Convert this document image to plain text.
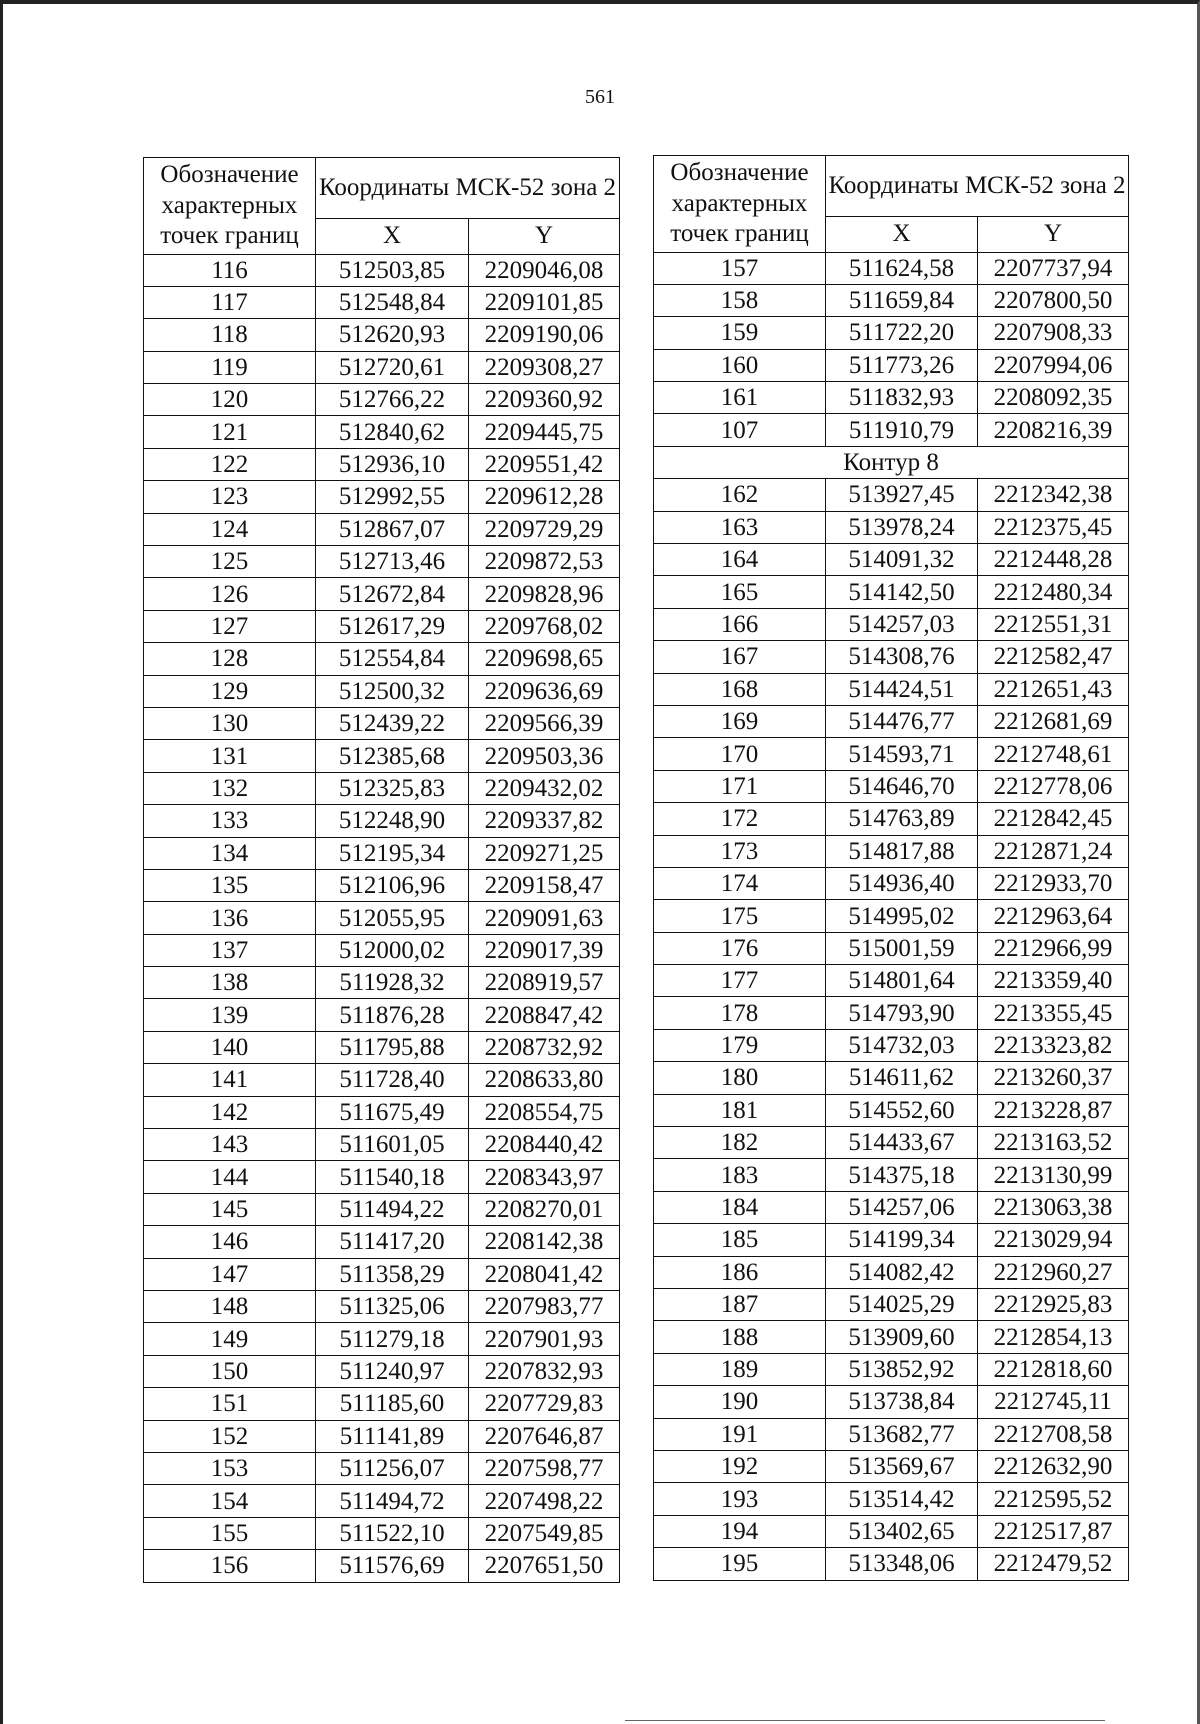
561
Обозначение характерных точек границ	Координаты МСК-52 зона 2	
	X	Y
116	512503,85	2209046,08
117	512548,84	2209101,85
118	512620,93	2209190,06
119	512720,61	2209308,27
120	512766,22	2209360,92
121	512840,62	2209445,75
122	512936,10	2209551,42
123	512992,55	2209612,28
124	512867,07	2209729,29
125	512713,46	2209872,53
126	512672,84	2209828,96
127	512617,29	2209768,02
128	512554,84	2209698,65
129	512500,32	2209636,69
130	512439,22	2209566,39
131	512385,68	2209503,36
132	512325,83	2209432,02
133	512248,90	2209337,82
134	512195,34	2209271,25
135	512106,96	2209158,47
136	512055,95	2209091,63
137	512000,02	2209017,39
138	511928,32	2208919,57
139	511876,28	2208847,42
140	511795,88	2208732,92
141	511728,40	2208633,80
142	511675,49	2208554,75
143	511601,05	2208440,42
144	511540,18	2208343,97
145	511494,22	2208270,01
146	511417,20	2208142,38
147	511358,29	2208041,42
148	511325,06	2207983,77
149	511279,18	2207901,93
150	511240,97	2207832,93
151	511185,60	2207729,83
152	511141,89	2207646,87
153	511256,07	2207598,77
154	511494,72	2207498,22
155	511522,10	2207549,85
156	511576,69	2207651,50
Обозначение характерных точек границ	Координаты МСК-52 зона 2	
	X	Y
157	511624,58	2207737,94
158	511659,84	2207800,50
159	511722,20	2207908,33
160	511773,26	2207994,06
161	511832,93	2208092,35
107	511910,79	2208216,39
Контур 8		
162	513927,45	2212342,38
163	513978,24	2212375,45
164	514091,32	2212448,28
165	514142,50	2212480,34
166	514257,03	2212551,31
167	514308,76	2212582,47
168	514424,51	2212651,43
169	514476,77	2212681,69
170	514593,71	2212748,61
171	514646,70	2212778,06
172	514763,89	2212842,45
173	514817,88	2212871,24
174	514936,40	2212933,70
175	514995,02	2212963,64
176	515001,59	2212966,99
177	514801,64	2213359,40
178	514793,90	2213355,45
179	514732,03	2213323,82
180	514611,62	2213260,37
181	514552,60	2213228,87
182	514433,67	2213163,52
183	514375,18	2213130,99
184	514257,06	2213063,38
185	514199,34	2213029,94
186	514082,42	2212960,27
187	514025,29	2212925,83
188	513909,60	2212854,13
189	513852,92	2212818,60
190	513738,84	2212745,11
191	513682,77	2212708,58
192	513569,67	2212632,90
193	513514,42	2212595,52
194	513402,65	2212517,87
195	513348,06	2212479,52
